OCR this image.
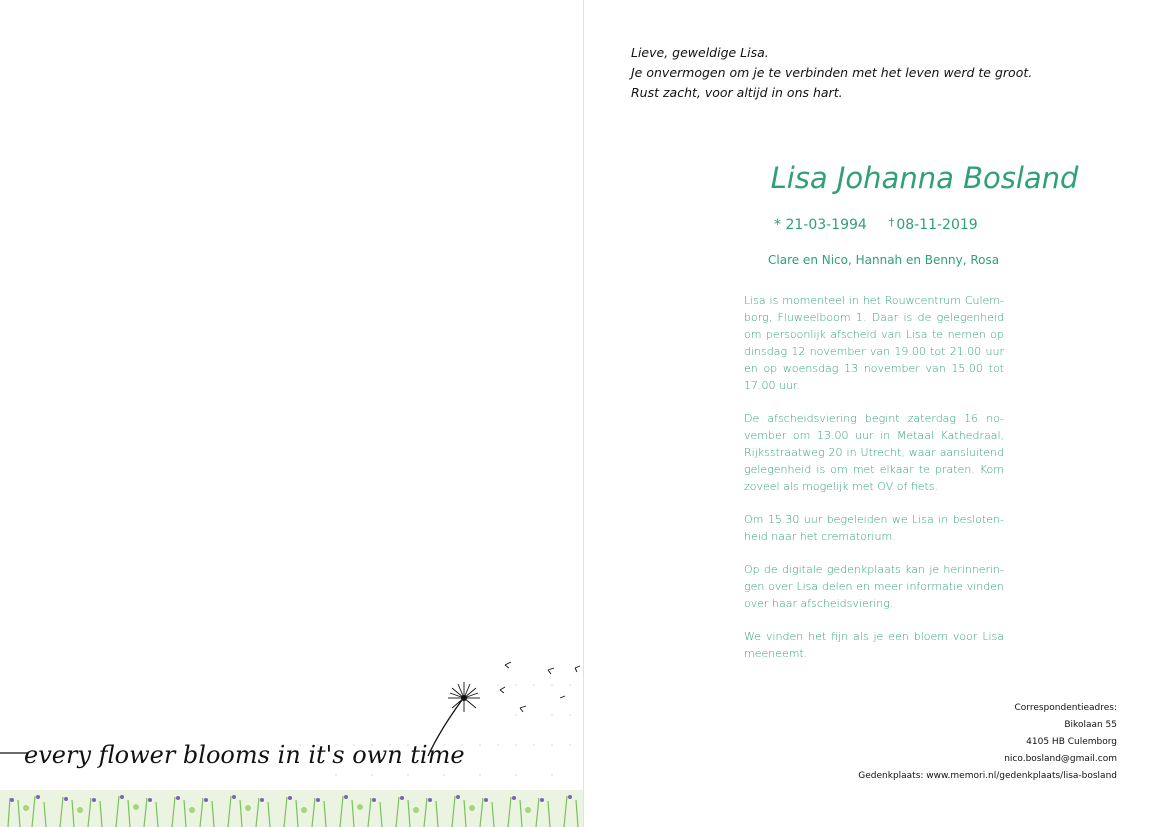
every flower blooms in it's own time
Lieve, geweldige Lisa.
Je onvermogen om je te verbinden met het leven werd te groot.
Rust zacht, voor altijd in ons hart.
Lisa Johanna Bosland
* 21-03-1994 † 08-11-2019
Clare en Nico, Hannah en Benny, Rosa

Lisa is momenteel in het Rouwcentrum Culemborg, Fluweelboom 1. Daar is de gelegenheid om persoonlijk afscheid van Lisa te nemen op dinsdag 12 november van 19.00 tot 21.00 uur en op woensdag 13 november van 15.00 tot 17.00 uur.

De afscheidsviering begint zaterdag 16 november om 13.00 uur in Metaal Kathedraal, Rijksstraatweg 20 in Utrecht, waar aansluitend gelegenheid is om met elkaar te praten. Kom zoveel als mogelijk met OV of fiets.

Om 15.30 uur begeleiden we Lisa in beslotenheid naar het crematorium.

Op de digitale gedenkplaats kan je herinneringen over Lisa delen en meer informatie vinden over haar afscheidsviering.

We vinden het fijn als je een bloem voor Lisa meeneemt.

Correspondentieadres:
Bikolaan 55
4105 HB Culemborg
nico.bosland@gmail.com
Gedenkplaats: www.memori.nl/gedenkplaats/lisa-bosland
